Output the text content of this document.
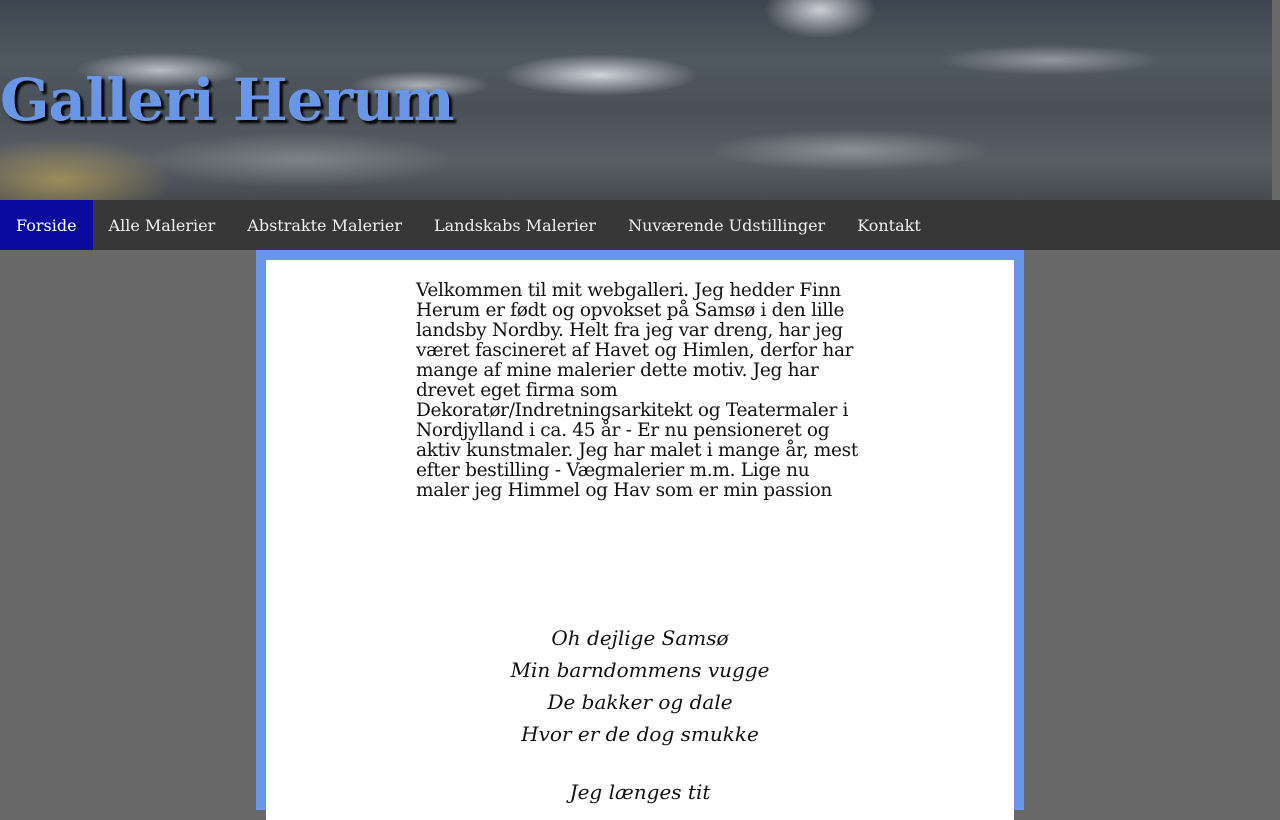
Galleri Herum
Forside	Alle Malerier	Abstrakte Malerier	Landskabs Malerier	Nuværende Udstillinger	Kontakt

Velkommen til mit webgalleri. Jeg hedder Finn Herum er født og opvokset på Samsø i den lille landsby Nordby. Helt fra jeg var dreng, har jeg været fascineret af Havet og Himlen, derfor har mange af mine malerier dette motiv. Jeg har drevet eget firma som Dekoratør/Indretningsarkitekt og Teatermaler i Nordjylland i ca. 45 år - Er nu pensioneret og aktiv kunstmaler. Jeg har malet i mange år, mest efter bestilling - Vægmalerier m.m. Lige nu maler jeg Himmel og Hav som er min passion

Oh dejlige Samsø
Min barndommens vugge
De bakker og dale
Hvor er de dog smukke
Jeg længes tit
